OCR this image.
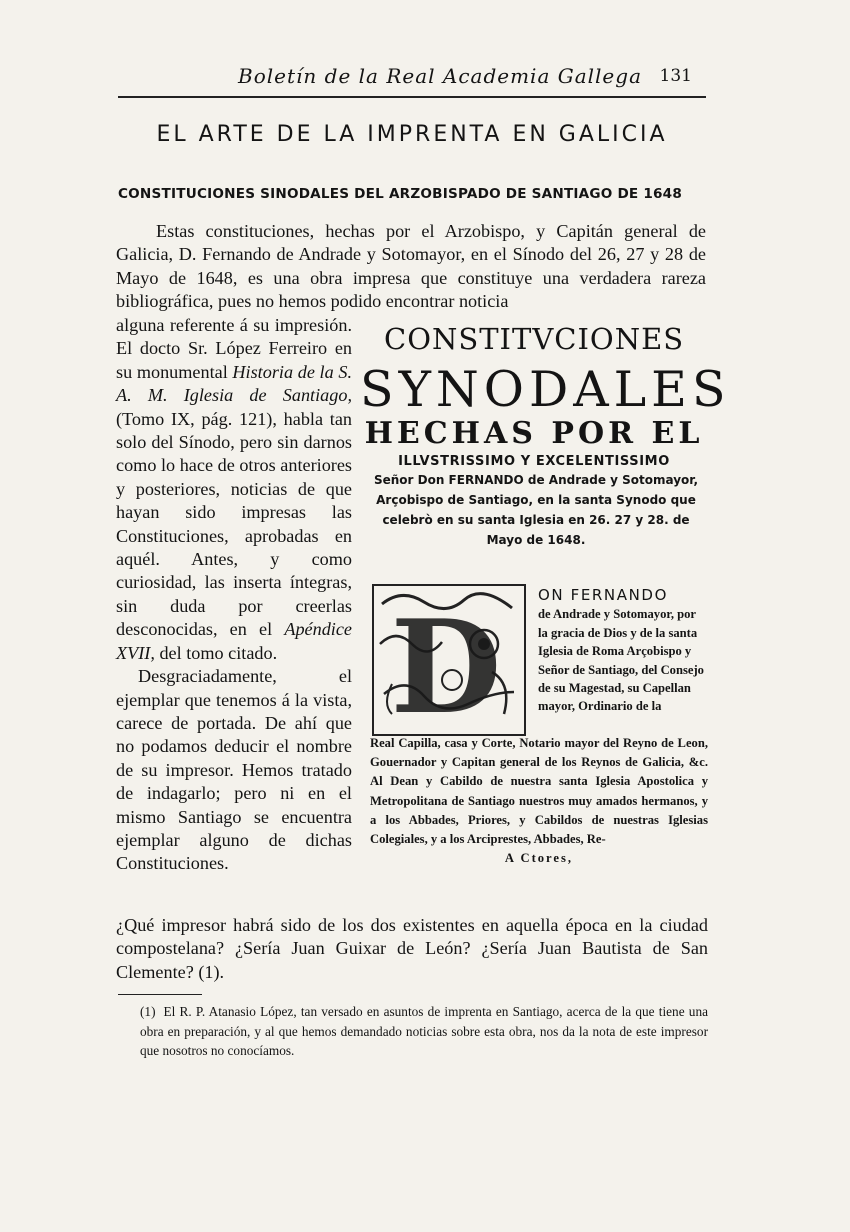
Boletín de la Real Academia Gallega 131
EL ARTE DE LA IMPRENTA EN GALICIA
CONSTITUCIONES SINODALES DEL ARZOBISPADO DE SANTIAGO DE 1648

Estas constituciones, hechas por el Arzobispo, y Capitán general de Galicia, D. Fernando de Andrade y Sotomayor, en el Sínodo del 26, 27 y 28 de Mayo de 1648, es una obra impresa que constituye una verdadera rareza bibliográfica, pues no hemos podido encontrar noticia

alguna referente á su impresión. El docto Sr. López Ferreiro en su monumental Historia de la S. A. M. Iglesia de Santiago, (Tomo IX, pág. 121), habla tan solo del Sínodo, pero sin darnos como lo hace de otros anteriores y posteriores, noticias de que hayan sido impresas las Constituciones, aprobadas en aquél. Antes, y como curiosidad, las inserta íntegras, sin duda por creerlas desconocidas, en el Apéndice XVII, del tomo citado.

Desgraciadamente, el ejemplar que tenemos á la vista, carece de portada. De ahí que no podamos deducir el nombre de su impresor. Hemos tratado de indagarlo; pero ni en el mismo Santiago se encuentra ejemplar alguno de dichas Constituciones.

CONSTITVCIONES
SYNODALES
HECHAS POR EL
ILLVSTRISSIMO Y EXCELENTISSIMO
Señor Don FERNANDO de Andrade y Sotomayor, Arçobispo de Santiago, en la santa Synodo que celebrò en su santa Iglesia en 26. 27 y 28. de Mayo de 1648.
D ON FERNANDO
de Andrade y Sotomayor, por la gracia de Dios y de la santa Iglesia de Roma Arçobispo y Señor de Santiago, del Consejo de su Magestad, su Capellan mayor, Ordinario de la
Real Capilla, casa y Corte, Notario mayor del Reyno de Leon, Gouernador y Capitan general de los Reynos de Galicia, &c. Al Dean y Cabildo de nuestra santa Iglesia Apostolica y Metropolitana de Santiago nuestros muy amados hermanos, y a los Abbades, Priores, y Cabildos de nuestras Iglesias Colegiales, y a los Arciprestes, Abbades, Re-
A Ctores,

¿Qué impresor habrá sido de los dos existentes en aquella época en la ciudad compostelana? ¿Sería Juan Guixar de León? ¿Sería Juan Bautista de San Clemente? (1).

(1) El R. P. Atanasio López, tan versado en asuntos de imprenta en Santiago, acerca de la que tiene una obra en preparación, y al que hemos demandado noticias sobre esta obra, nos da la nota de este impresor que nosotros no conocíamos.
